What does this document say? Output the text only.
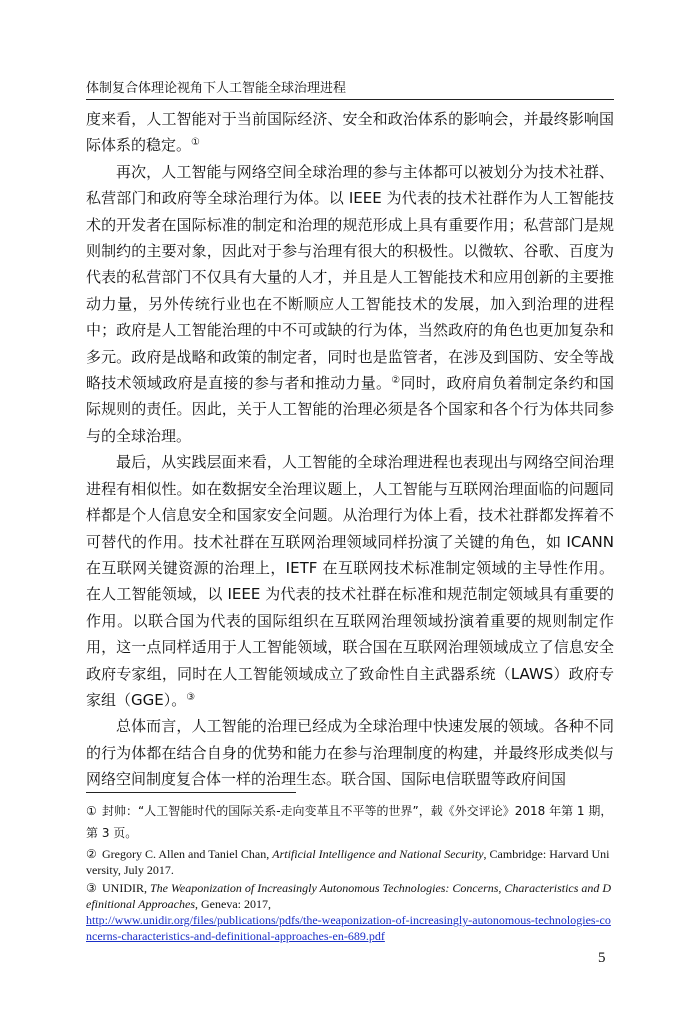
体制复合体理论视角下人工智能全球治理进程

度来看，人工智能对于当前国际经济、安全和政治体系的影响会，并最终影响国际体系的稳定。①

再次，人工智能与网络空间全球治理的参与主体都可以被划分为技术社群、私营部门和政府等全球治理行为体。以 IEEE 为代表的技术社群作为人工智能技术的开发者在国际标准的制定和治理的规范形成上具有重要作用；私营部门是规则制约的主要对象，因此对于参与治理有很大的积极性。以微软、谷歌、百度为代表的私营部门不仅具有大量的人才，并且是人工智能技术和应用创新的主要推动力量，另外传统行业也在不断顺应人工智能技术的发展，加入到治理的进程中；政府是人工智能治理的中不可或缺的行为体，当然政府的角色也更加复杂和多元。政府是战略和政策的制定者，同时也是监管者，在涉及到国防、安全等战略技术领域政府是直接的参与者和推动力量。②同时，政府肩负着制定条约和国际规则的责任。因此，关于人工智能的治理必须是各个国家和各个行为体共同参与的全球治理。

最后，从实践层面来看，人工智能的全球治理进程也表现出与网络空间治理进程有相似性。如在数据安全治理议题上，人工智能与互联网治理面临的问题同样都是个人信息安全和国家安全问题。从治理行为体上看，技术社群都发挥着不可替代的作用。技术社群在互联网治理领域同样扮演了关键的角色，如 ICANN 在互联网关键资源的治理上，IETF 在互联网技术标准制定领域的主导性作用。在人工智能领域，以 IEEE 为代表的技术社群在标准和规范制定领域具有重要的作用。以联合国为代表的国际组织在互联网治理领域扮演着重要的规则制定作用，这一点同样适用于人工智能领域，联合国在互联网治理领域成立了信息安全政府专家组，同时在人工智能领域成立了致命性自主武器系统（LAWS）政府专家组（GGE）。③

总体而言，人工智能的治理已经成为全球治理中快速发展的领域。各种不同的行为体都在结合自身的优势和能力在参与治理制度的构建，并最终形成类似与网络空间制度复合体一样的治理生态。联合国、国际电信联盟等政府间国

① 封帅：“人工智能时代的国际关系-走向变革且不平等的世界”，载《外交评论》2018 年第 1 期，第 3 页。

② Gregory C. Allen and Taniel Chan, Artificial Intelligence and National Security, Cambridge: Harvard University, July 2017.

③ UNIDIR, The Weaponization of Increasingly Autonomous Technologies: Concerns, Characteristics and Definitional Approaches, Geneva: 2017,
http://www.unidir.org/files/publications/pdfs/the-weaponization-of-increasingly-autonomous-technologies-concerns-characteristics-and-definitional-approaches-en-689.pdf

5
